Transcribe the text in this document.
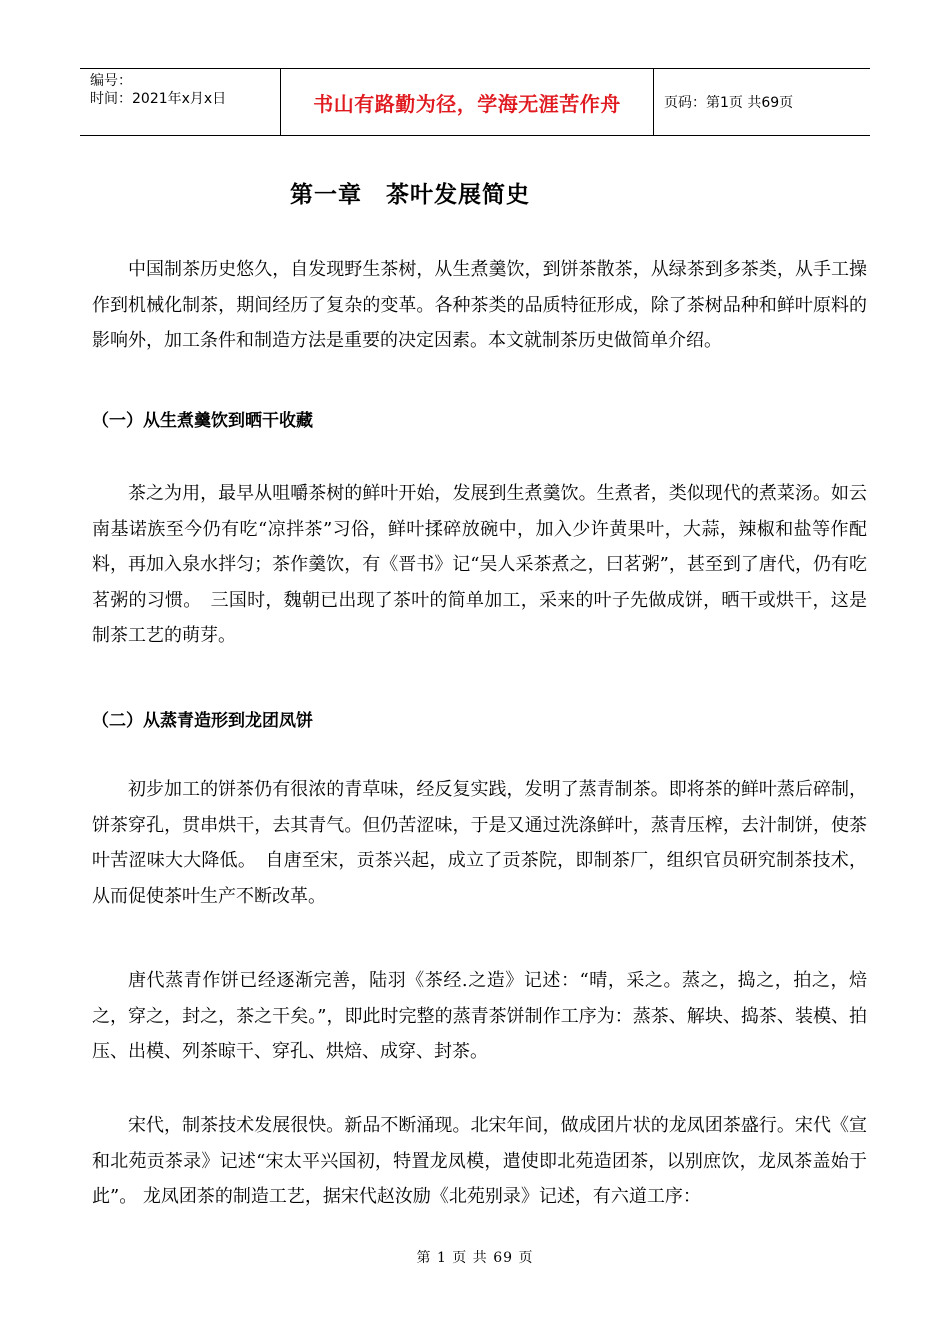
编号：
时间：2021年x月x日	书山有路勤为径，学海无涯苦作舟	页码：第1页 共69页
第一章　茶叶发展简史

中国制茶历史悠久，自发现野生茶树，从生煮羹饮，到饼茶散茶，从绿茶到多茶类，从手工操作到机械化制茶，期间经历了复杂的变革。各种茶类的品质特征形成，除了茶树品种和鲜叶原料的影响外，加工条件和制造方法是重要的决定因素。本文就制茶历史做简单介绍。

（一）从生煮羹饮到晒干收藏

茶之为用，最早从咀嚼茶树的鲜叶开始，发展到生煮羹饮。生煮者，类似现代的煮菜汤。如云南基诺族至今仍有吃“凉拌茶”习俗，鲜叶揉碎放碗中，加入少许黄果叶，大蒜，辣椒和盐等作配料，再加入泉水拌匀；茶作羹饮，有《晋书》记“吴人采茶煮之，曰茗粥”，甚至到了唐代，仍有吃茗粥的习惯。　三国时，魏朝已出现了茶叶的简单加工，采来的叶子先做成饼，晒干或烘干，这是制茶工艺的萌芽。

（二）从蒸青造形到龙团凤饼

初步加工的饼茶仍有很浓的青草味，经反复实践，发明了蒸青制茶。即将茶的鲜叶蒸后碎制，饼茶穿孔，贯串烘干，去其青气。但仍苦涩味，于是又通过洗涤鲜叶，蒸青压榨，去汁制饼，使茶叶苦涩味大大降低。　自唐至宋，贡茶兴起，成立了贡茶院，即制茶厂，组织官员研究制茶技术，从而促使茶叶生产不断改革。

唐代蒸青作饼已经逐渐完善，陆羽《茶经.之造》记述：“晴，采之。蒸之，捣之，拍之，焙之，穿之，封之，茶之干矣。”，即此时完整的蒸青茶饼制作工序为：蒸茶、解块、捣茶、装模、拍压、出模、列茶晾干、穿孔、烘焙、成穿、封茶。

宋代，制茶技术发展很快。新品不断涌现。北宋年间，做成团片状的龙凤团茶盛行。宋代《宣和北苑贡茶录》记述“宋太平兴国初，特置龙凤模，遣使即北苑造团茶，以别庶饮，龙凤茶盖始于此”。 龙凤团茶的制造工艺，据宋代赵汝励《北苑别录》记述，有六道工序：

第 1 页 共 69 页
